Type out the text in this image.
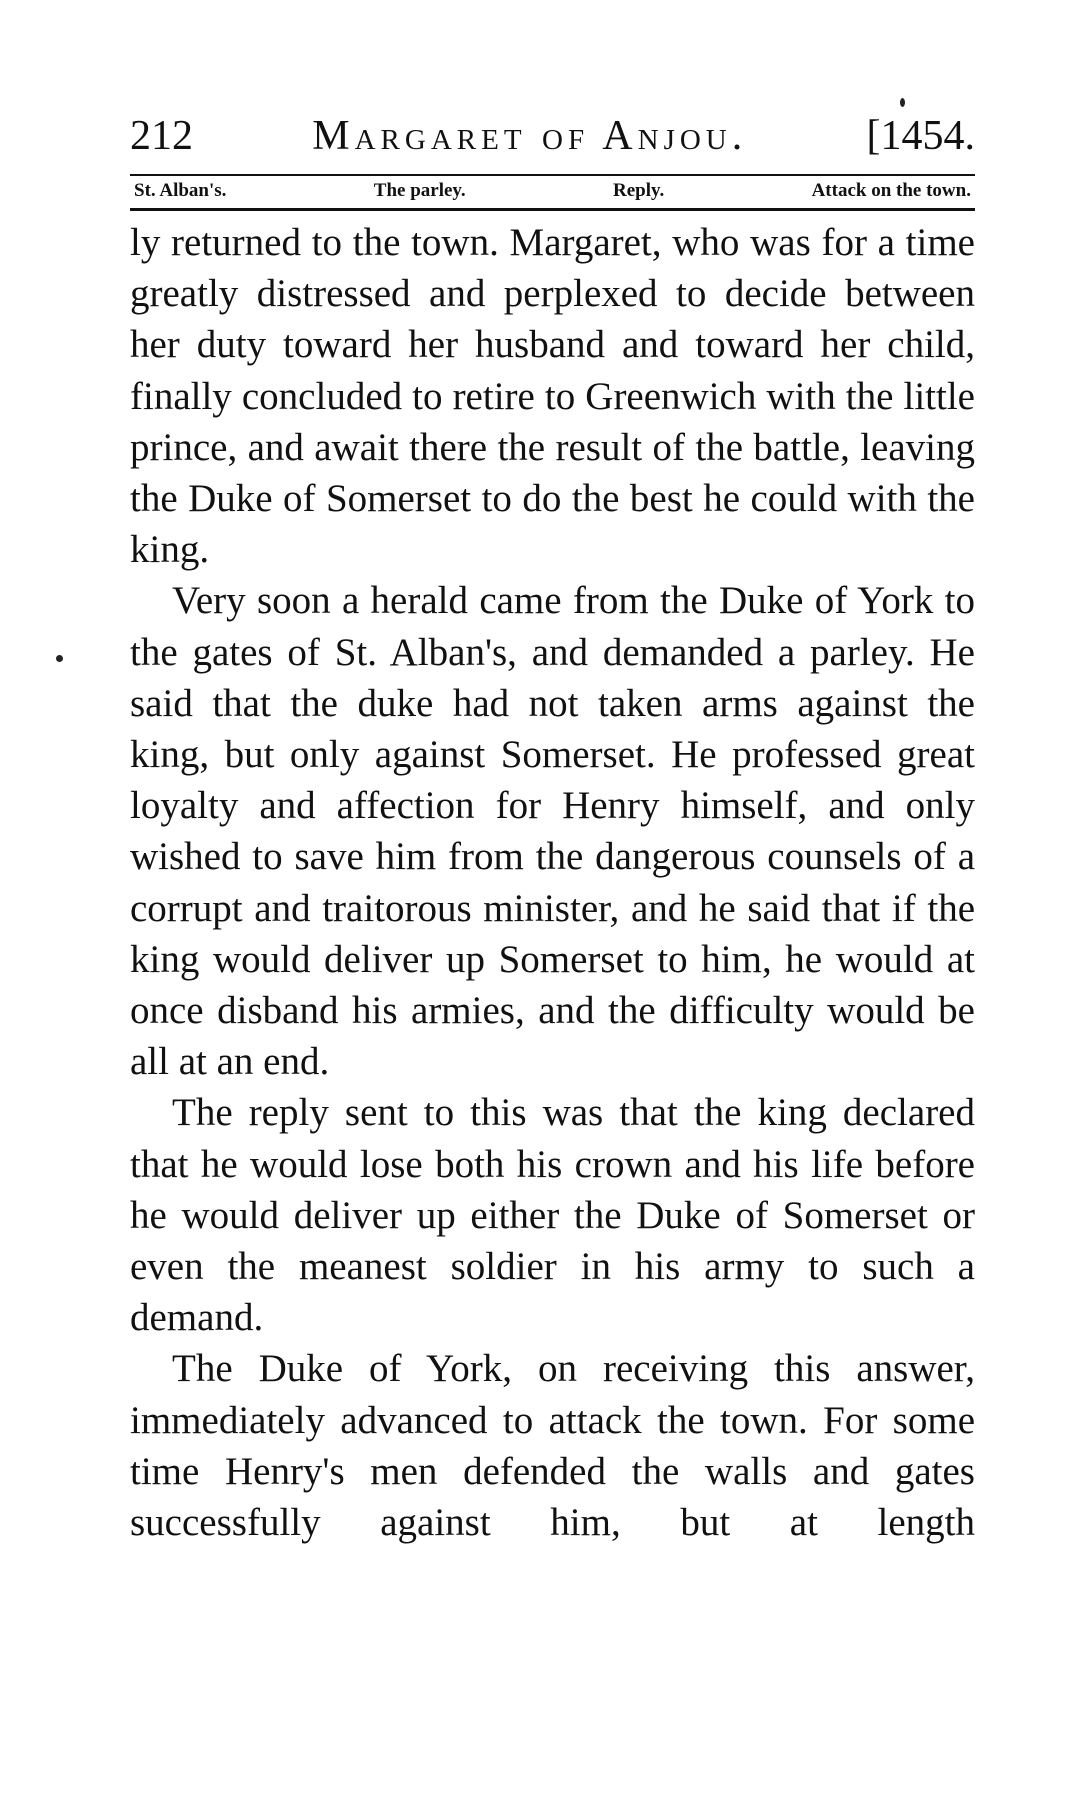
212	Margaret of Anjou.	[1454.
St. Alban's.	The parley.	Reply.	Attack on the town.

ly returned to the town. Margaret, who was for a time greatly distressed and perplexed to decide between her duty toward her husband and toward her child, finally concluded to retire to Greenwich with the little prince, and await there the result of the battle, leaving the Duke of Somerset to do the best he could with the king.

Very soon a herald came from the Duke of York to the gates of St. Alban's, and demanded a parley. He said that the duke had not taken arms against the king, but only against Somerset. He professed great loyalty and affection for Henry himself, and only wished to save him from the dangerous counsels of a corrupt and traitorous minister, and he said that if the king would deliver up Somerset to him, he would at once disband his armies, and the difficulty would be all at an end.

The reply sent to this was that the king declared that he would lose both his crown and his life before he would deliver up either the Duke of Somerset or even the meanest soldier in his army to such a demand.

The Duke of York, on receiving this answer, immediately advanced to attack the town. For some time Henry's men defended the walls and gates successfully against him, but at length
